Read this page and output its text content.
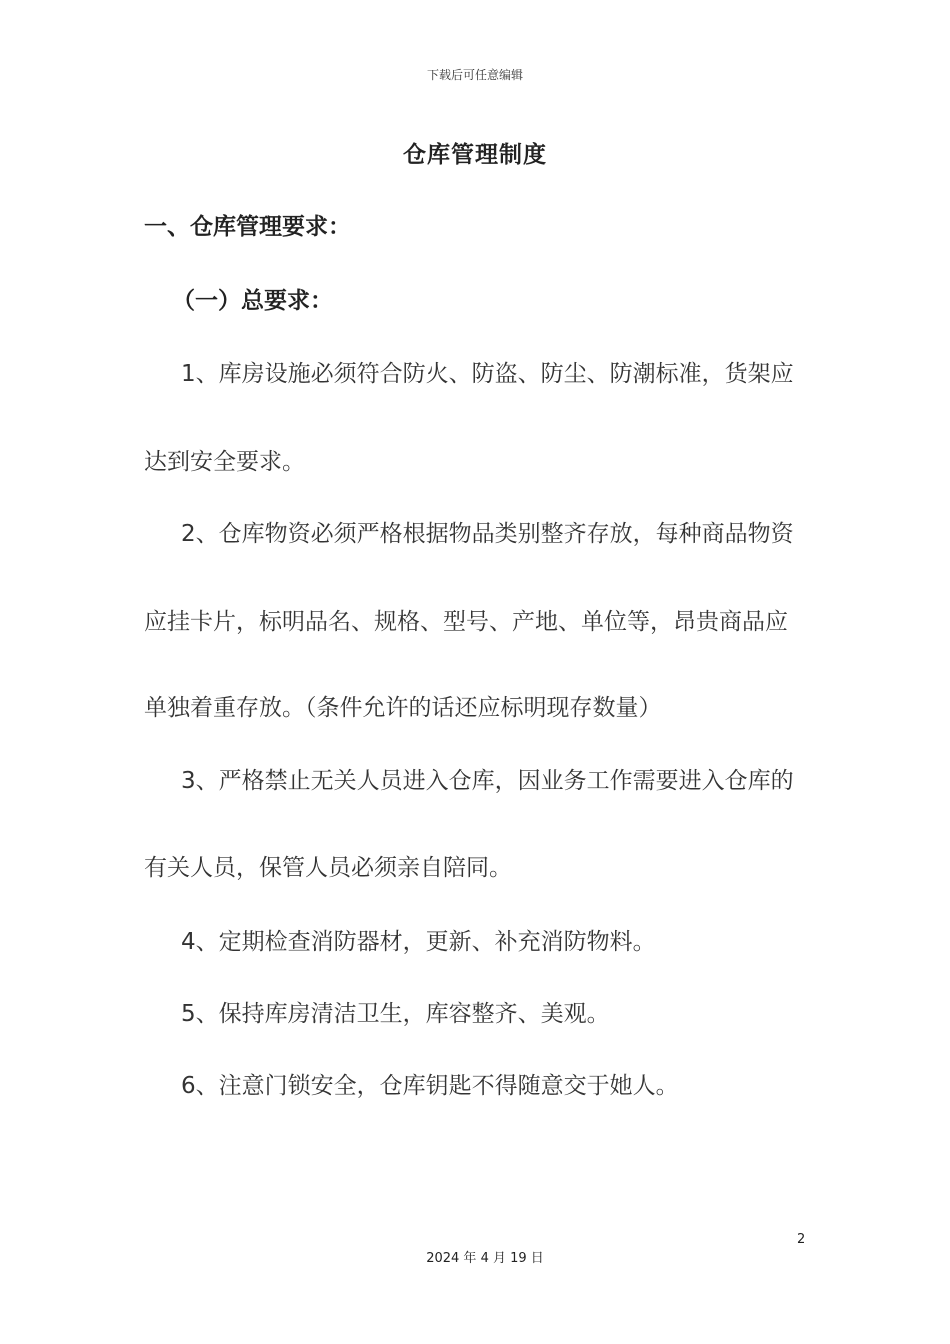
下载后可任意编辑
仓库管理制度
一、仓库管理要求：
（一）总要求：
1、库房设施必须符合防火、防盗、防尘、防潮标准，货架应
达到安全要求。
2、仓库物资必须严格根据物品类别整齐存放，每种商品物资
应挂卡片，标明品名、规格、型号、产地、单位等，昂贵商品应
单独着重存放。（条件允许的话还应标明现存数量）
3、严格禁止无关人员进入仓库，因业务工作需要进入仓库的
有关人员，保管人员必须亲自陪同。
4、定期检查消防器材，更新、补充消防物料。
5、保持库房清洁卫生，库容整齐、美观。
6、注意门锁安全，仓库钥匙不得随意交于她人。
2
2024 年 4 月 19 日
